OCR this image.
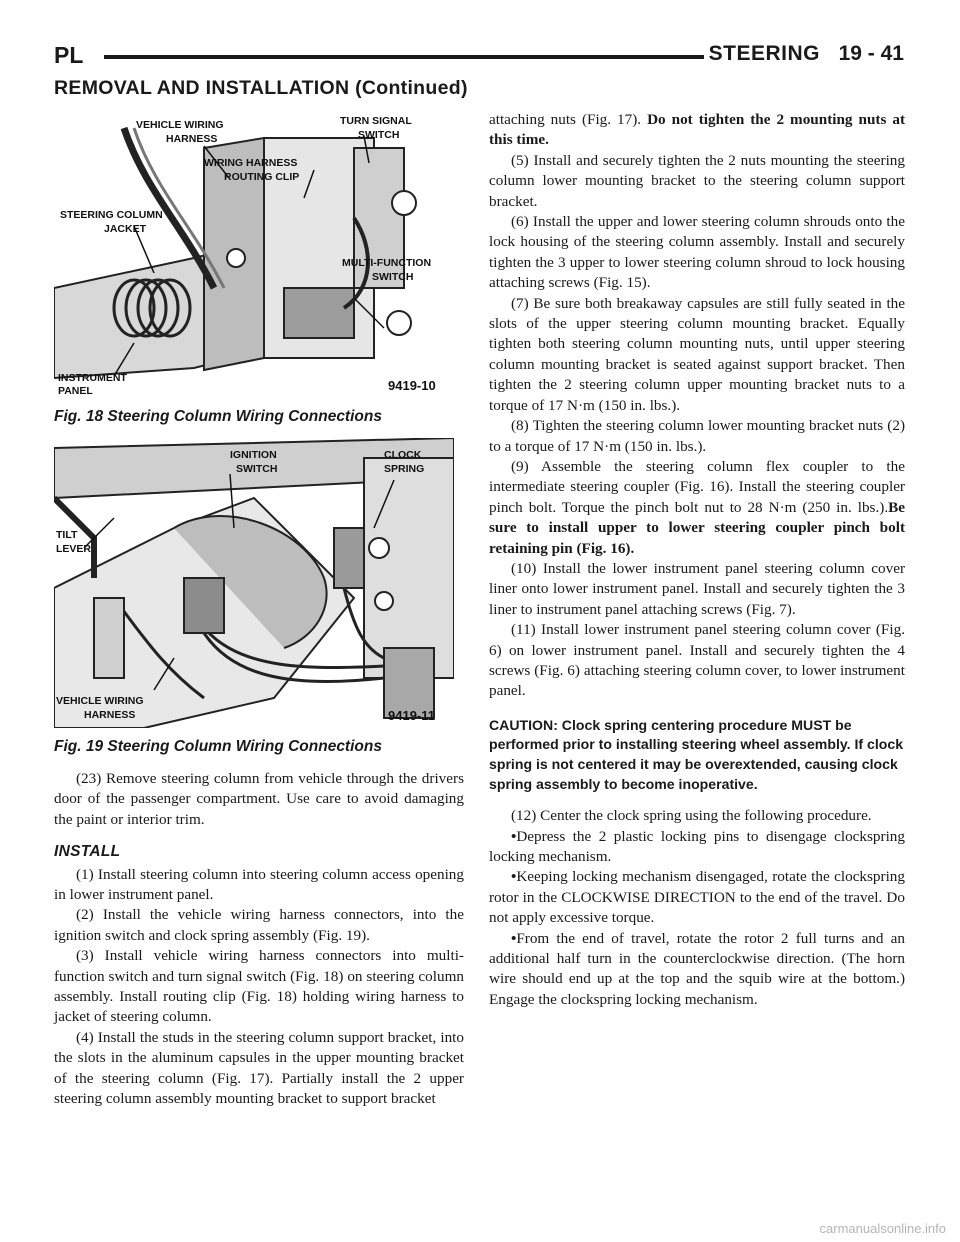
PL	STEERING 19 - 41
REMOVAL AND INSTALLATION (Continued)
VEHICLE WIRING
HARNESS
TURN SIGNAL
SWITCH
WIRING HARNESS
ROUTING CLIP
STEERING COLUMN
JACKET
MULTI-FUNCTION
SWITCH
INSTRUMENT
PANEL	9419-10
Fig. 18 Steering Column Wiring Connections
IGNITION
SWITCH
CLOCK
SPRING
TILT
LEVER
VEHICLE WIRING
HARNESS	9419-11
Fig. 19 Steering Column Wiring Connections

(23) Remove steering column from vehicle through the drivers door of the passenger compartment. Use care to avoid damaging the paint or interior trim.

INSTALL

(1) Install steering column into steering column access opening in lower instrument panel.

(2) Install the vehicle wiring harness connectors, into the ignition switch and clock spring assembly (Fig. 19).

(3) Install vehicle wiring harness connectors into multi-function switch and turn signal switch (Fig. 18) on steering column assembly. Install routing clip (Fig. 18) holding wiring harness to jacket of steering column.

(4) Install the studs in the steering column support bracket, into the slots in the aluminum capsules in the upper mounting bracket of the steering column (Fig. 17). Partially install the 2 upper steering column assembly mounting bracket to support bracket

attaching nuts (Fig. 17). Do not tighten the 2 mounting nuts at this time.

(5) Install and securely tighten the 2 nuts mounting the steering column lower mounting bracket to the steering column support bracket.

(6) Install the upper and lower steering column shrouds onto the lock housing of the steering column assembly. Install and securely tighten the 3 upper to lower steering column shroud to lock housing attaching screws (Fig. 15).

(7) Be sure both breakaway capsules are still fully seated in the slots of the upper steering column mounting bracket. Equally tighten both steering column mounting nuts, until upper steering column mounting bracket is seated against support bracket. Then tighten the 2 steering column upper mounting bracket nuts to a torque of 17 N·m (150 in. lbs.).

(8) Tighten the steering column lower mounting bracket nuts (2) to a torque of 17 N·m (150 in. lbs.).

(9) Assemble the steering column flex coupler to the intermediate steering coupler (Fig. 16). Install the steering coupler pinch bolt. Torque the pinch bolt nut to 28 N·m (250 in. lbs.).Be sure to install upper to lower steering coupler pinch bolt retaining pin (Fig. 16).

(10) Install the lower instrument panel steering column cover liner onto lower instrument panel. Install and securely tighten the 3 liner to instrument panel attaching screws (Fig. 7).

(11) Install lower instrument panel steering column cover (Fig. 6) on lower instrument panel. Install and securely tighten the 4 screws (Fig. 6) attaching steering column cover, to lower instrument panel.

CAUTION: Clock spring centering procedure MUST be performed prior to installing steering wheel assembly. If clock spring is not centered it may be overextended, causing clock spring assembly to become inoperative.

(12) Center the clock spring using the following procedure.

•Depress the 2 plastic locking pins to disengage clockspring locking mechanism.

•Keeping locking mechanism disengaged, rotate the clockspring rotor in the CLOCKWISE DIRECTION to the end of the travel. Do not apply excessive torque.

•From the end of travel, rotate the rotor 2 full turns and an additional half turn in the counterclockwise direction. (The horn wire should end up at the top and the squib wire at the bottom.) Engage the clockspring locking mechanism.

carmanualsonline.info
